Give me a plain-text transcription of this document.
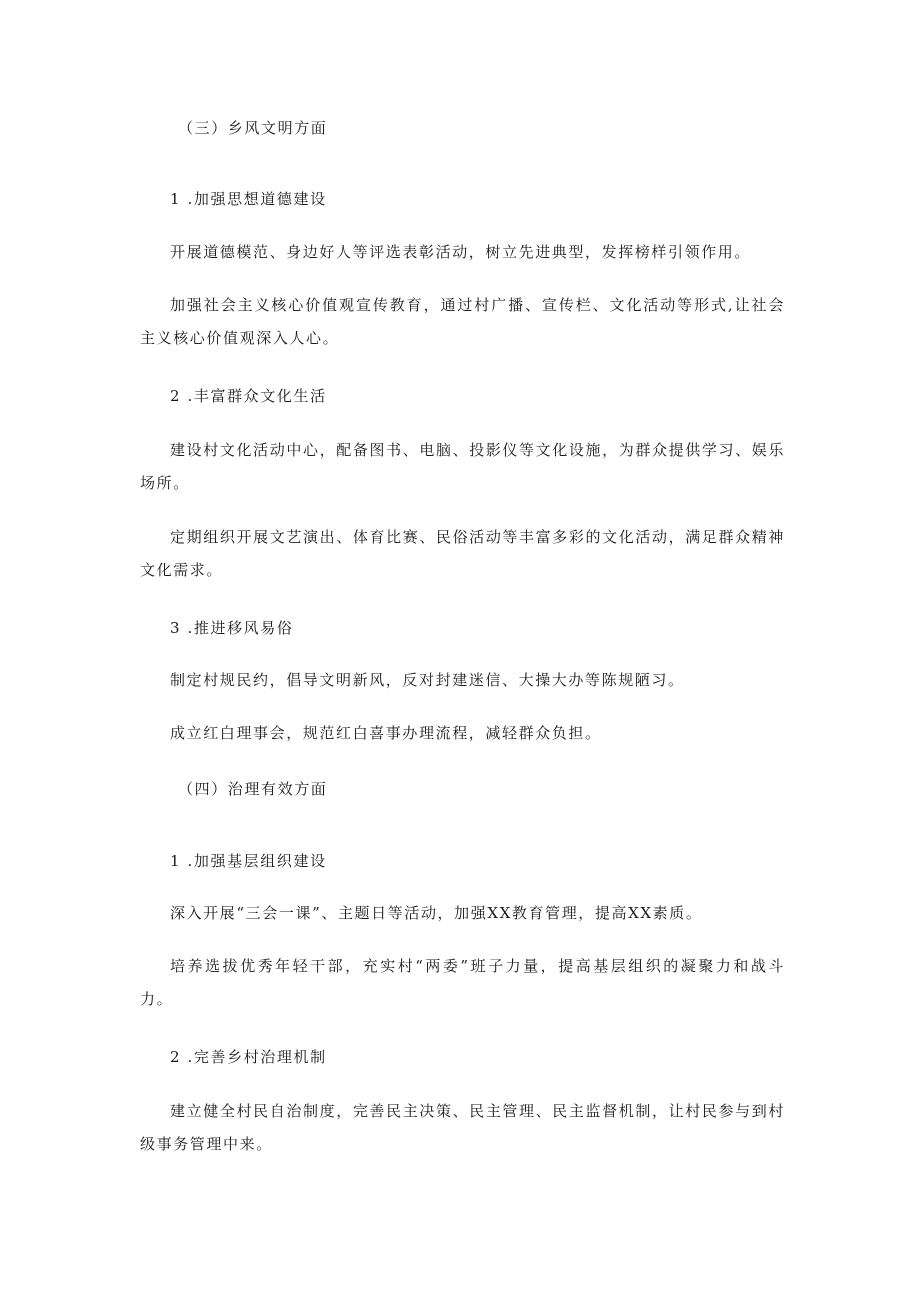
（三）乡风文明方面

1 .加强思想道德建设

开展道德模范、身边好人等评选表彰活动，树立先进典型，发挥榜样引领作用。

加强社会主义核心价值观宣传教育，通过村广播、宣传栏、文化活动等形式,让社会主义核心价值观深入人心。

2 .丰富群众文化生活

建设村文化活动中心，配备图书、电脑、投影仪等文化设施，为群众提供学习、娱乐场所。

定期组织开展文艺演出、体育比赛、民俗活动等丰富多彩的文化活动，满足群众精神文化需求。

3 .推进移风易俗

制定村规民约，倡导文明新风，反对封建迷信、大操大办等陈规陋习。

成立红白理事会，规范红白喜事办理流程，减轻群众负担。

（四）治理有效方面

1 .加强基层组织建设

深入开展“三会一课”、主题日等活动，加强XX教育管理，提高XX素质。

培养选拔优秀年轻干部，充实村“两委”班子力量，提高基层组织的凝聚力和战斗力。

2 .完善乡村治理机制

建立健全村民自治制度，完善民主决策、民主管理、民主监督机制，让村民参与到村级事务管理中来。
